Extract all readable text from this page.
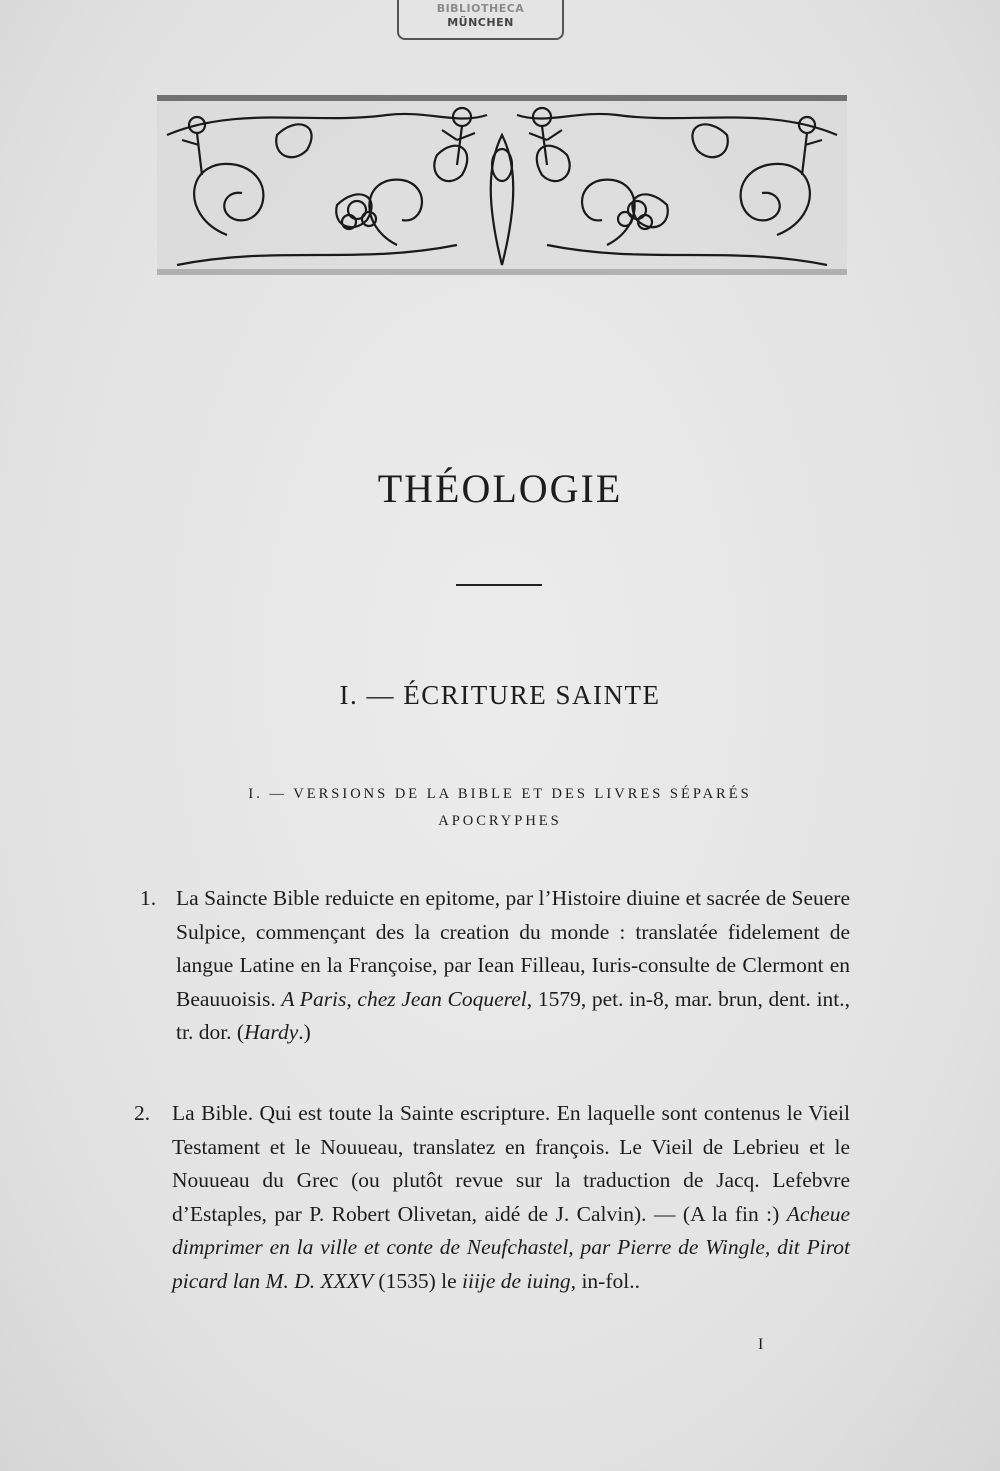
BIBLIOTHECA
MÜNCHEN
THÉOLOGIE
I. — ÉCRITURE SAINTE
I. — VERSIONS DE LA BIBLE ET DES LIVRES SÉPARÉS
APOCRYPHES
1. La Saincte Bible reduicte en epitome, par l’Histoire diuine et sacrée de Seuere Sulpice, commençant des la creation du monde : translatée fidelement de langue Latine en la Françoise, par Iean Filleau, Iuris-consulte de Clermont en Beauuoisis. A Paris, chez Jean Coquerel, 1579, pet. in-8, mar. brun, dent. int., tr. dor. (Hardy.)
2.	La Bible. Qui est toute la Sainte escripture. En laquelle sont contenus le Vieil Testament et le Nouueau, translatez en françois. Le Vieil de Lebrieu et le Nouueau du Grec (ou plutôt revue sur la traduction de Jacq. Lefebvre d’Estaples, par P. Robert Olivetan, aidé de J. Calvin). — (A la fin :) Acheue dimprimer en la ville et conte de Neufchastel, par Pierre de Wingle, dit Pirot picard lan M. D. XXXV (1535) le iiije de iuing, in-fol..
I
